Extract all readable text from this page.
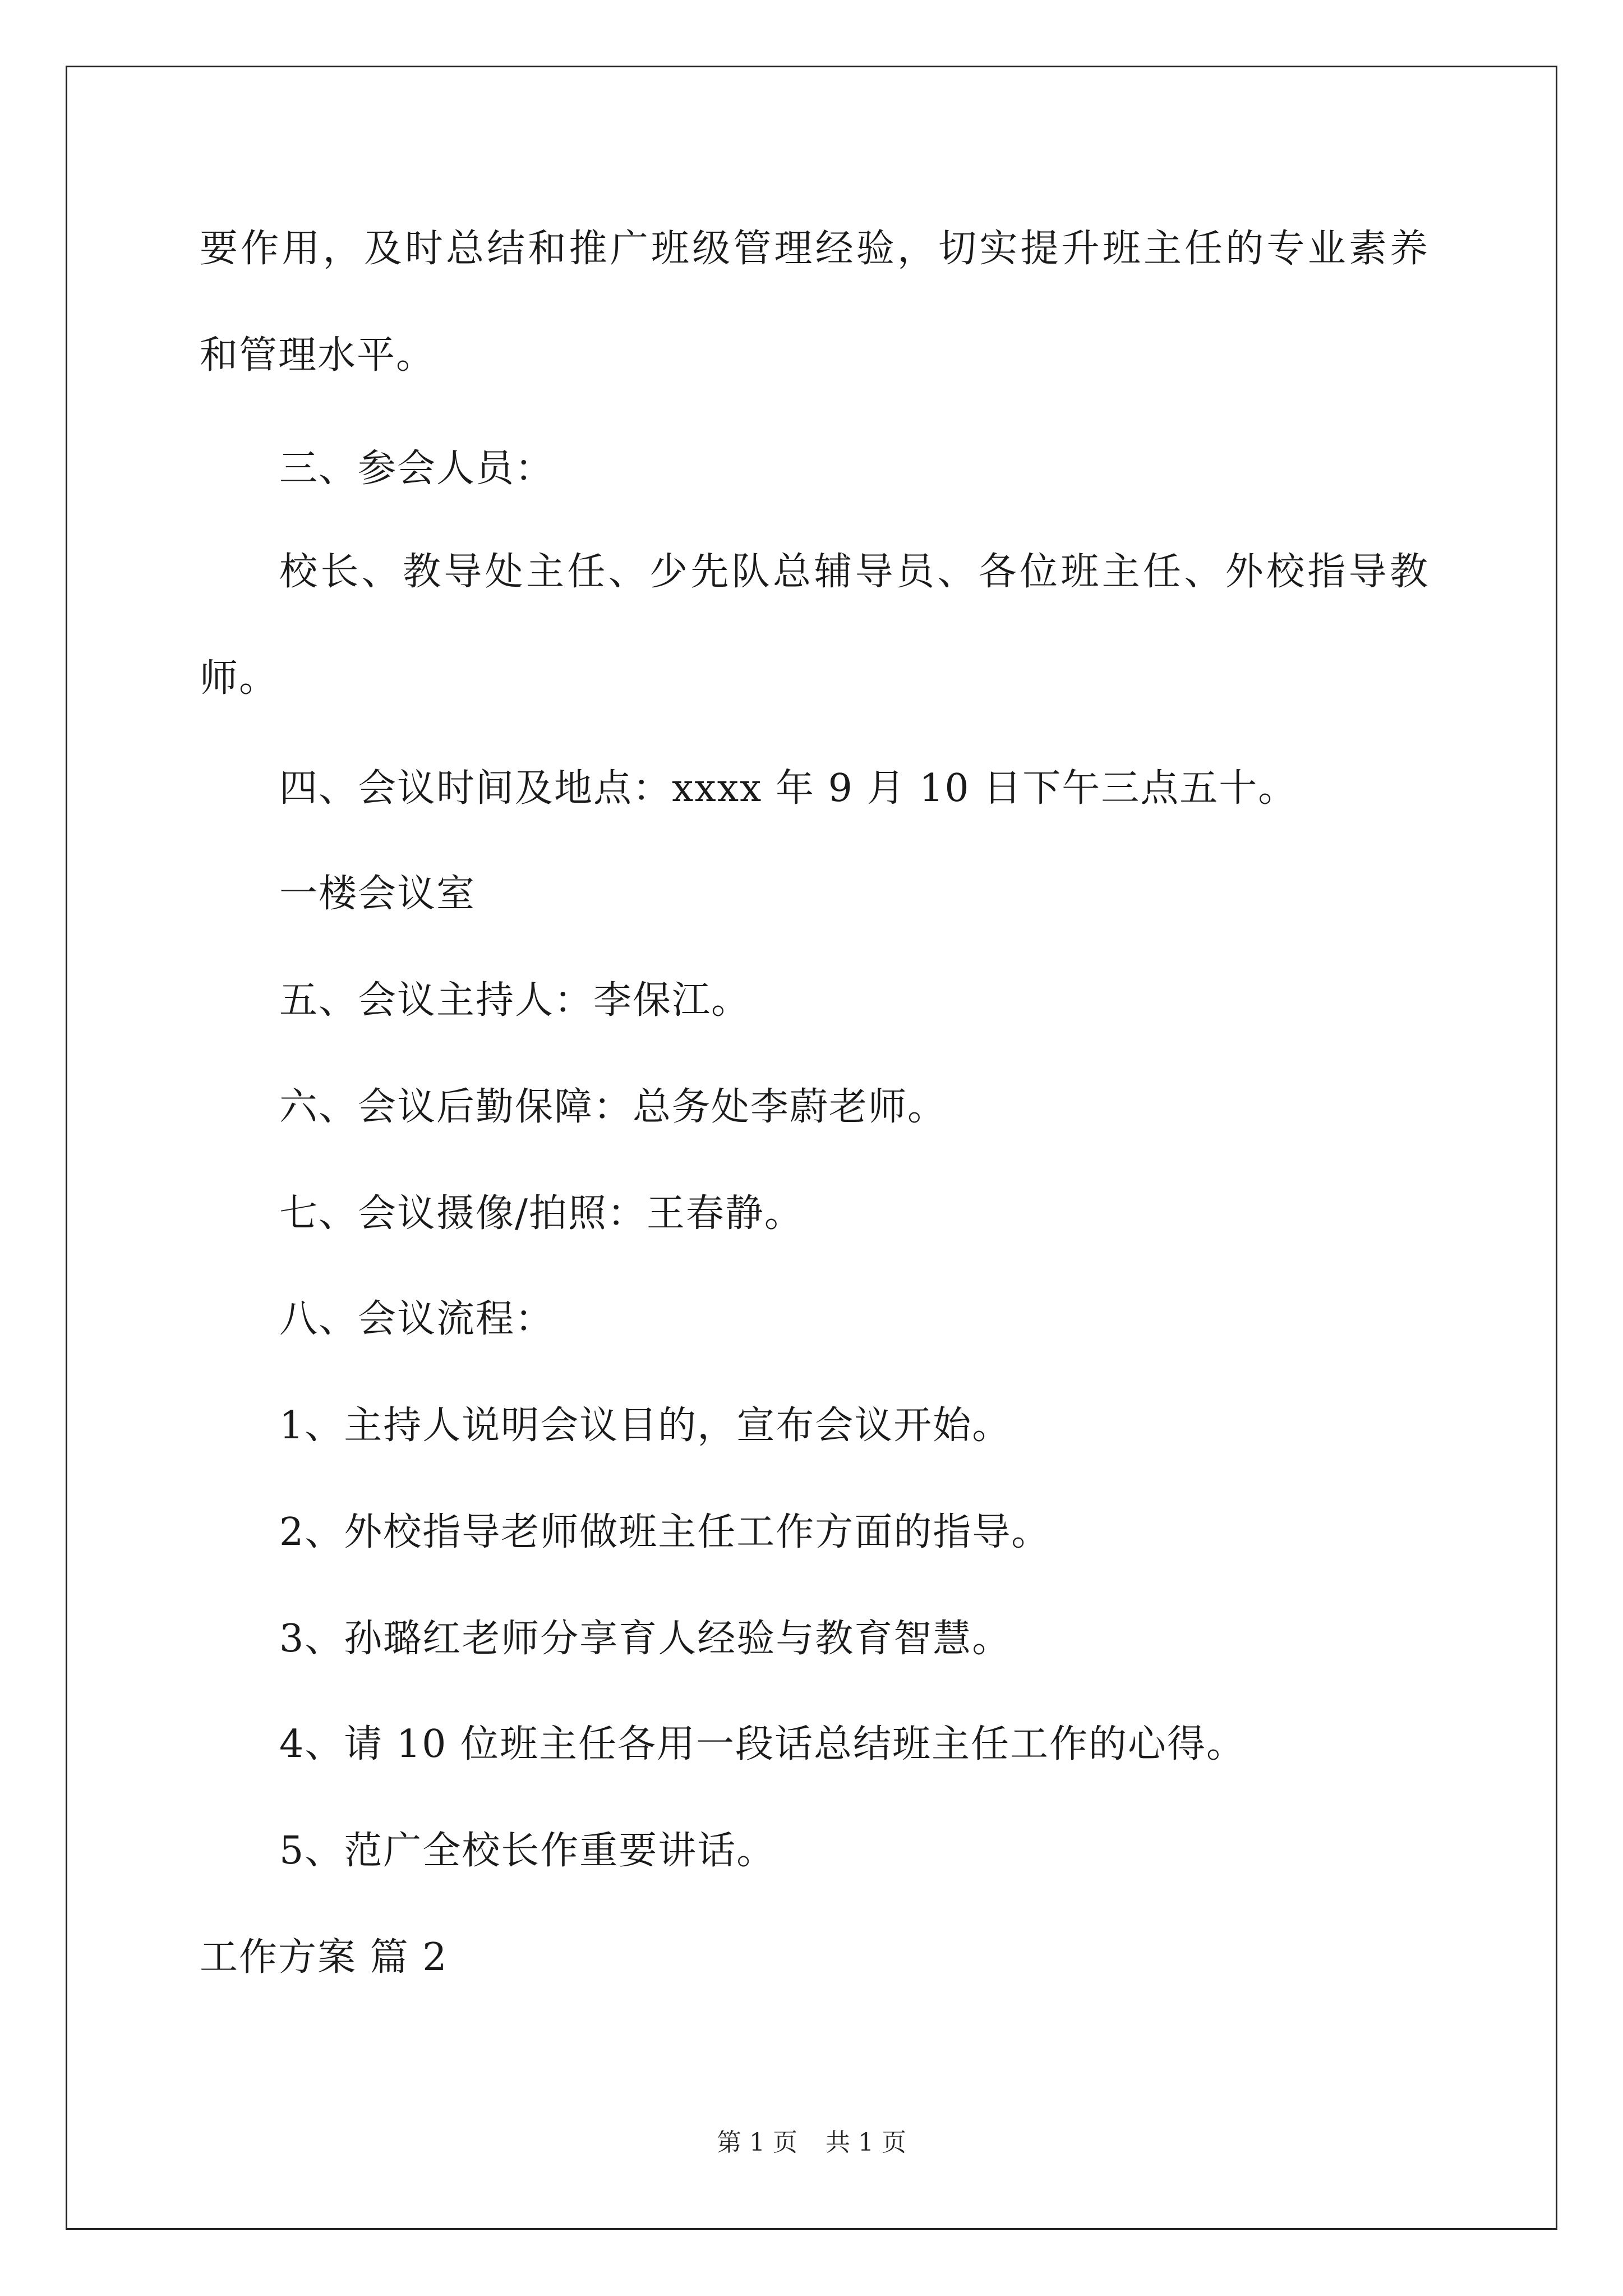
要作用，及时总结和推广班级管理经验，切实提升班主任的专业素养
和管理水平。
三、参会人员：
校长、教导处主任、少先队总辅导员、各位班主任、外校指导教
师。
四、会议时间及地点：xxxx 年 9 月 10 日下午三点五十。
一楼会议室
五、会议主持人：李保江。
六、会议后勤保障：总务处李蔚老师。
七、会议摄像/拍照：王春静。
八、会议流程：
1、主持人说明会议目的，宣布会议开始。
2、外校指导老师做班主任工作方面的指导。
3、孙璐红老师分享育人经验与教育智慧。
4、请 10 位班主任各用一段话总结班主任工作的心得。
5、范广全校长作重要讲话。
工作方案 篇 2
第 1 页 共 1 页
